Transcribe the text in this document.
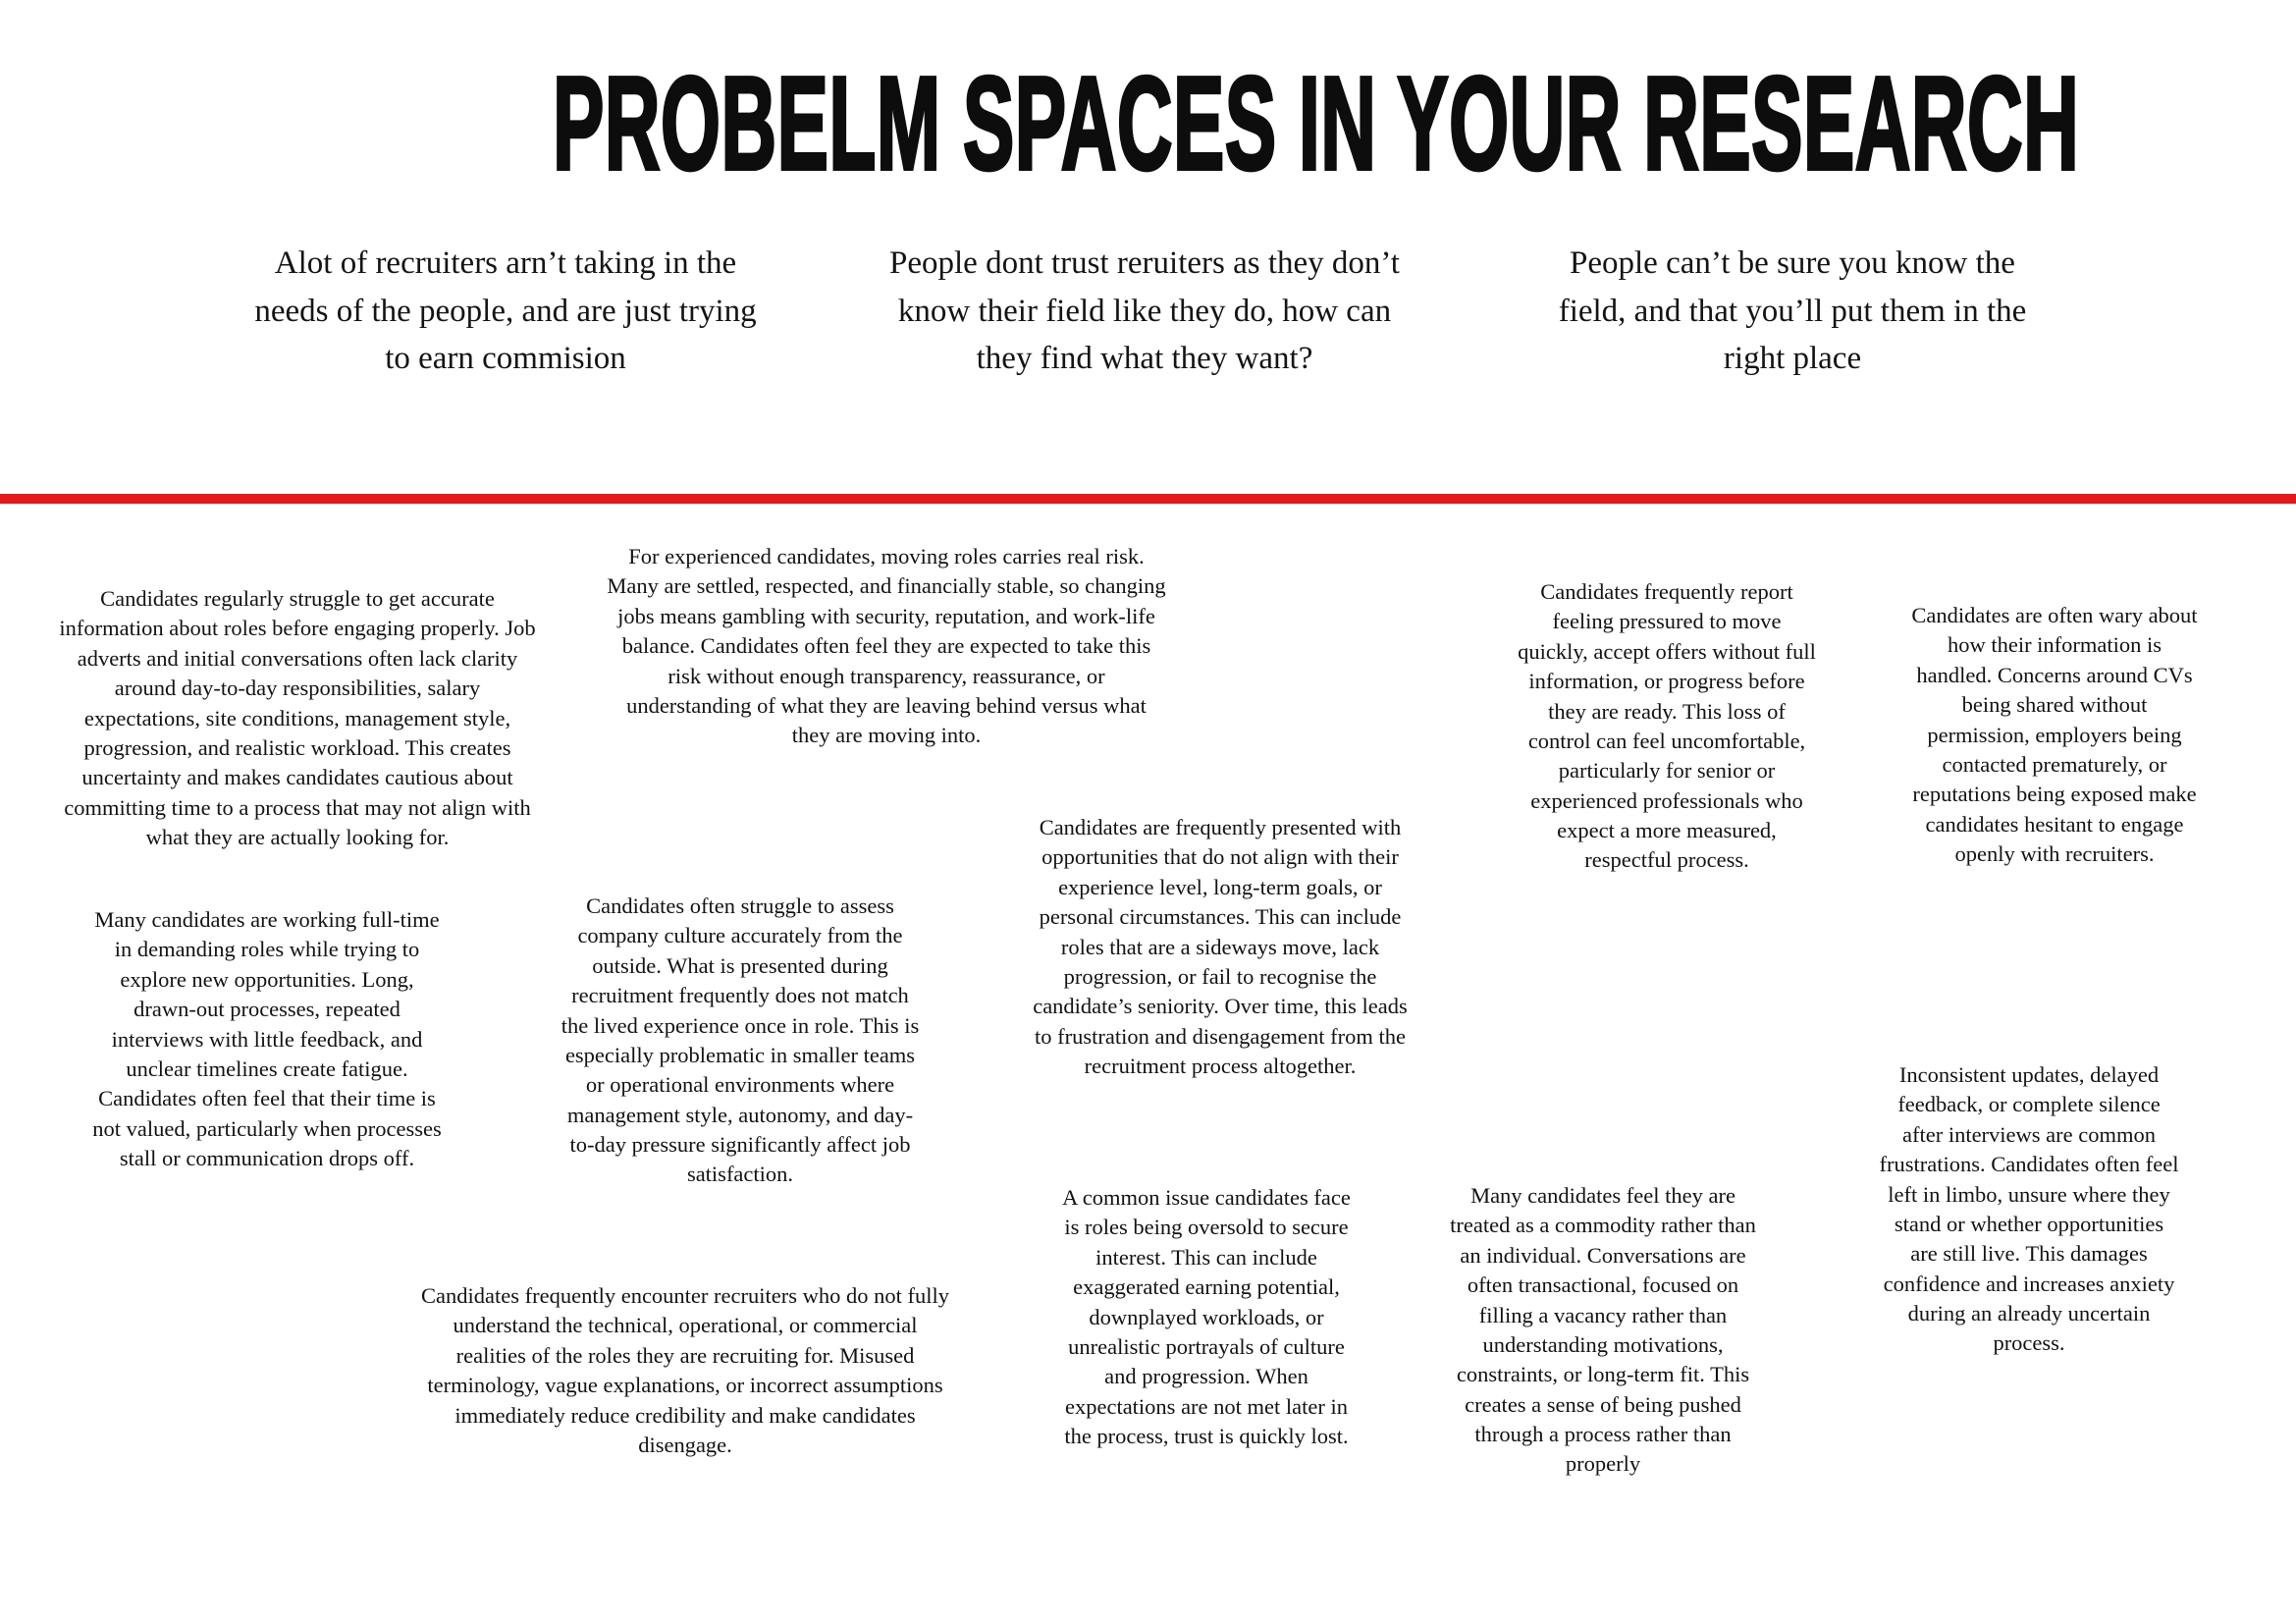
PROBELM SPACES IN YOUR RESEARCH

Alot of recruiters arn’t taking in the needs of the people, and are just trying to earn commision

People dont trust reruiters as they don’t know their field like they do, how can they find what they want?

People can’t be sure you know the field, and that you’ll put them in the right place

Candidates regularly struggle to get accurate information about roles before engaging properly. Job adverts and initial conversations often lack clarity around day-to-day responsibilities, salary expectations, site conditions, management style, progression, and realistic workload. This creates uncertainty and makes candidates cautious about committing time to a process that may not align with what they are actually looking for.

Many candidates are working full-time in demanding roles while trying to explore new opportunities. Long, drawn-out processes, repeated interviews with little feedback, and unclear timelines create fatigue. Candidates often feel that their time is not valued, particularly when processes stall or communication drops off.

For experienced candidates, moving roles carries real risk. Many are settled, respected, and financially stable, so changing jobs means gambling with security, reputation, and work-life balance. Candidates often feel they are expected to take this risk without enough transparency, reassurance, or understanding of what they are leaving behind versus what they are moving into.

Candidates often struggle to assess company culture accurately from the outside. What is presented during recruitment frequently does not match the lived experience once in role. This is especially problematic in smaller teams or operational environments where management style, autonomy, and day-to-day pressure significantly affect job satisfaction.

Candidates frequently encounter recruiters who do not fully understand the technical, operational, or commercial realities of the roles they are recruiting for. Misused terminology, vague explanations, or incorrect assumptions immediately reduce credibility and make candidates disengage.

Candidates are frequently presented with opportunities that do not align with their experience level, long-term goals, or personal circumstances. This can include roles that are a sideways move, lack progression, or fail to recognise the candidate’s seniority. Over time, this leads to frustration and disengagement from the recruitment process altogether.

A common issue candidates face is roles being oversold to secure interest. This can include exaggerated earning potential, downplayed workloads, or unrealistic portrayals of culture and progression. When expectations are not met later in the process, trust is quickly lost.

Candidates frequently report feeling pressured to move quickly, accept offers without full information, or progress before they are ready. This loss of control can feel uncomfortable, particularly for senior or experienced professionals who expect a more measured, respectful process.

Many candidates feel they are treated as a commodity rather than an individual. Conversations are often transactional, focused on filling a vacancy rather than understanding motivations, constraints, or long-term fit. This creates a sense of being pushed through a process rather than properly

Candidates are often wary about how their information is handled. Concerns around CVs being shared without permission, employers being contacted prematurely, or reputations being exposed make candidates hesitant to engage openly with recruiters.

Inconsistent updates, delayed feedback, or complete silence after interviews are common frustrations. Candidates often feel left in limbo, unsure where they stand or whether opportunities are still live. This damages confidence and increases anxiety during an already uncertain process.
